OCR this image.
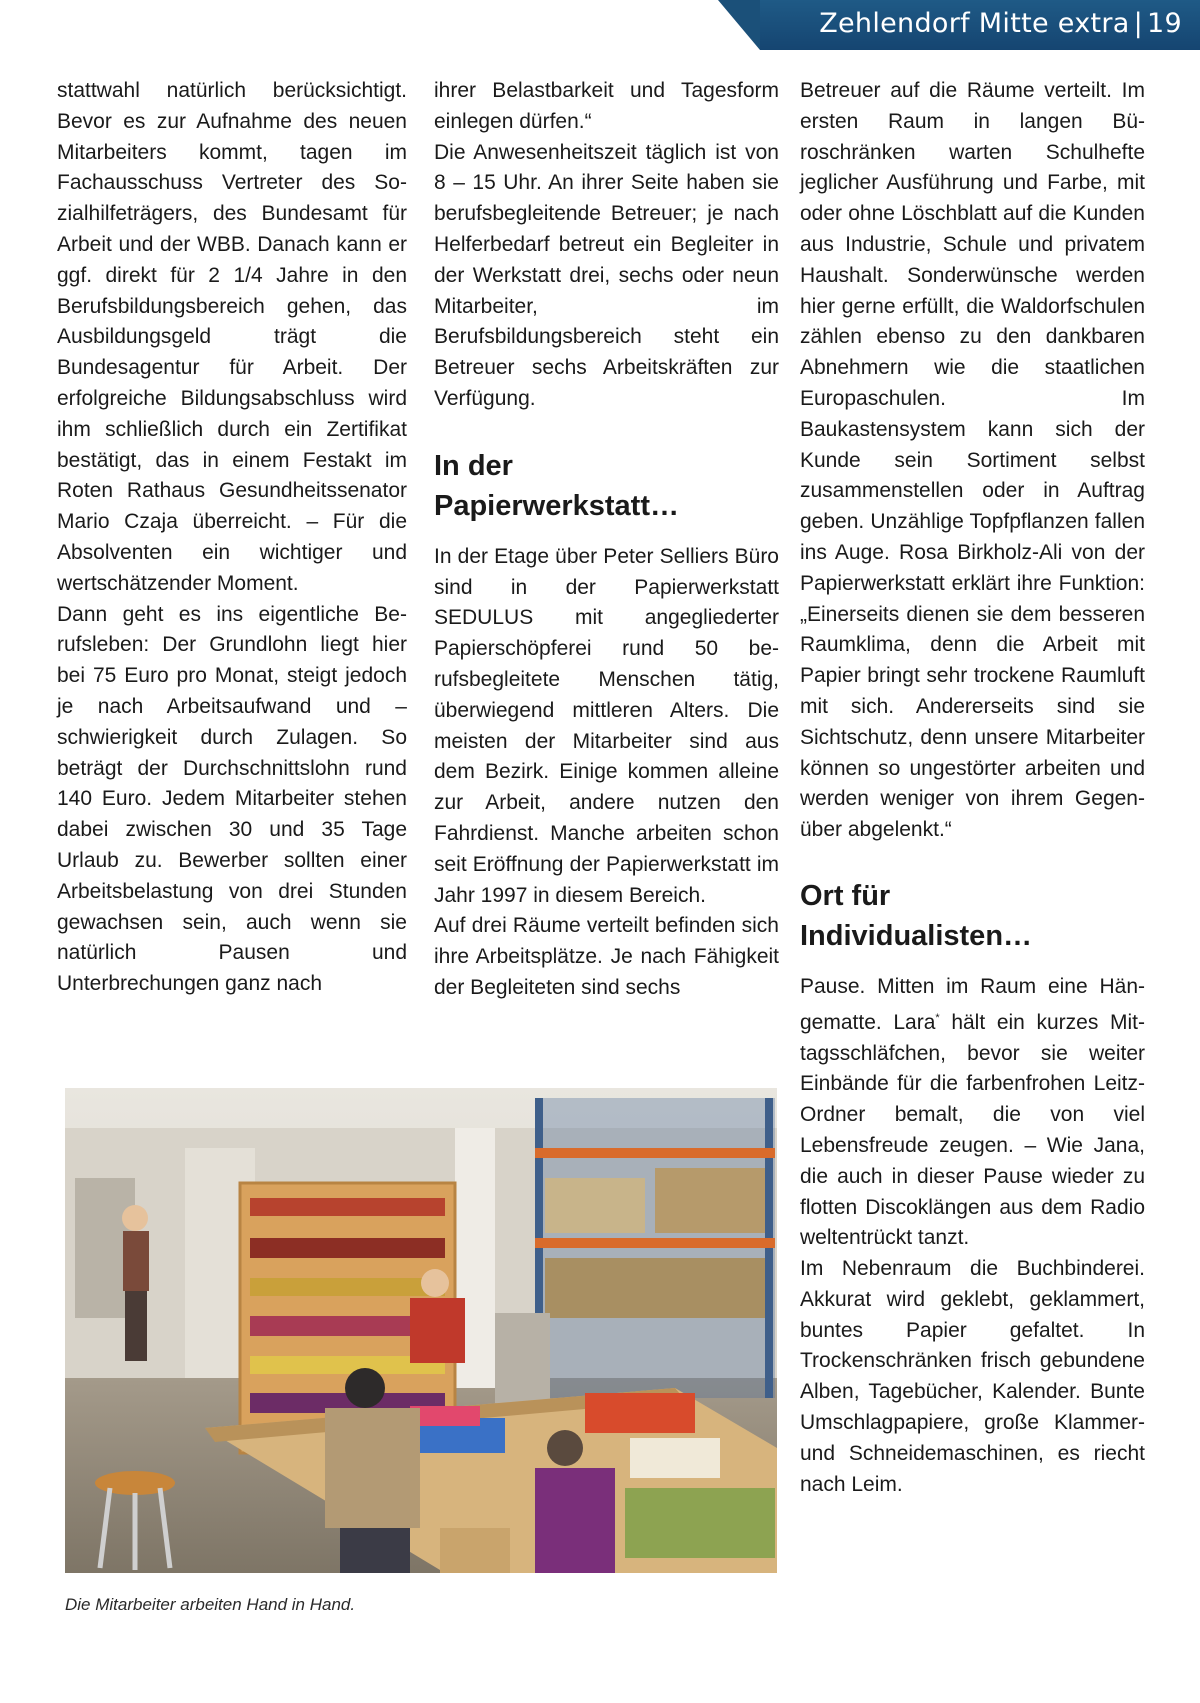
Zehlendorf Mitte extra | 19

stattwahl natürlich berücksichtigt. Bevor es zur Aufnahme des neuen Mitarbeiters kommt, tagen im Fachausschuss Vertreter des Sozialhilfeträgers, des Bundesamt für Arbeit und der WBB. Danach kann er ggf. direkt für 2 1/4 Jahre in den Berufsbildungsbereich gehen, das Ausbildungsgeld trägt die Bundesagentur für Arbeit. Der erfolgreiche Bildungsabschluss wird ihm schließlich durch ein Zertifikat bestätigt, das in einem Festakt im Roten Rathaus Gesundheitssenator Mario Czaja überreicht. – Für die Absolventen ein wichtiger und wertschätzender Moment.

Dann geht es ins eigentliche Berufsleben: Der Grundlohn liegt hier bei 75 Euro pro Monat, steigt jedoch je nach Arbeitsaufwand und –schwierigkeit durch Zulagen. So beträgt der Durchschnittslohn rund 140 Euro. Jedem Mitarbeiter stehen dabei zwischen 30 und 35 Tage Urlaub zu. Bewerber sollten einer Arbeitsbelastung von drei Stunden gewachsen sein, auch wenn sie natürlich Pausen und Unterbrechungen ganz nach

ihrer Belastbarkeit und Tagesform einlegen dürfen.“

Die Anwesenheitszeit täglich ist von 8 – 15 Uhr. An ihrer Seite haben sie berufsbegleitende Betreuer; je nach Helferbedarf betreut ein Begleiter in der Werkstatt drei, sechs oder neun Mitarbeiter, im Berufsbildungsbereich steht ein Betreuer sechs Arbeitskräften zur Verfügung.

In der Papierwerkstatt…

In der Etage über Peter Selliers Büro sind in der Papierwerkstatt SEDULUS mit angegliederter Papierschöpferei rund 50 berufsbegleitete Menschen tätig, überwiegend mittleren Alters. Die meisten der Mitarbeiter sind aus dem Bezirk. Einige kommen alleine zur Arbeit, andere nutzen den Fahrdienst. Manche arbeiten schon seit Eröffnung der Papierwerkstatt im Jahr 1997 in diesem Bereich.

Auf drei Räume verteilt befinden sich ihre Arbeitsplätze. Je nach Fähigkeit der Begleiteten sind sechs

Betreuer auf die Räume verteilt. Im ersten Raum in langen Büroschränken warten Schulhefte jeglicher Ausführung und Farbe, mit oder ohne Löschblatt auf die Kunden aus Industrie, Schule und privatem Haushalt. Sonderwünsche werden hier gerne erfüllt, die Waldorfschulen zählen ebenso zu den dankbaren Abnehmern wie die staatlichen Europaschulen. Im Baukastensystem kann sich der Kunde sein Sortiment selbst zusammenstellen oder in Auftrag geben. Unzählige Topfpflanzen fallen ins Auge. Rosa Birkholz-Ali von der Papierwerkstatt erklärt ihre Funktion: „Einerseits dienen sie dem besseren Raumklima, denn die Arbeit mit Papier bringt sehr trockene Raumluft mit sich. Andererseits sind sie Sichtschutz, denn unsere Mitarbeiter können so ungestörter arbeiten und werden weniger von ihrem Gegenüber abgelenkt.“

Ort für Individualisten…

Pause. Mitten im Raum eine Hängematte. Lara* hält ein kurzes Mittagsschläfchen, bevor sie weiter Einbände für die farbenfrohen Leitz-Ordner bemalt, die von viel Lebensfreude zeugen. – Wie Jana, die auch in dieser Pause wieder zu flotten Discoklängen aus dem Radio weltentrückt tanzt.

Im Nebenraum die Buchbinderei. Akkurat wird geklebt, geklammert, buntes Papier gefaltet. In Trockenschränken frisch gebundene Alben, Tagebücher, Kalender. Bunte Umschlagpapiere, große Klammer- und Schneidemaschinen, es riecht nach Leim.

Die Mitarbeiter arbeiten Hand in Hand.
